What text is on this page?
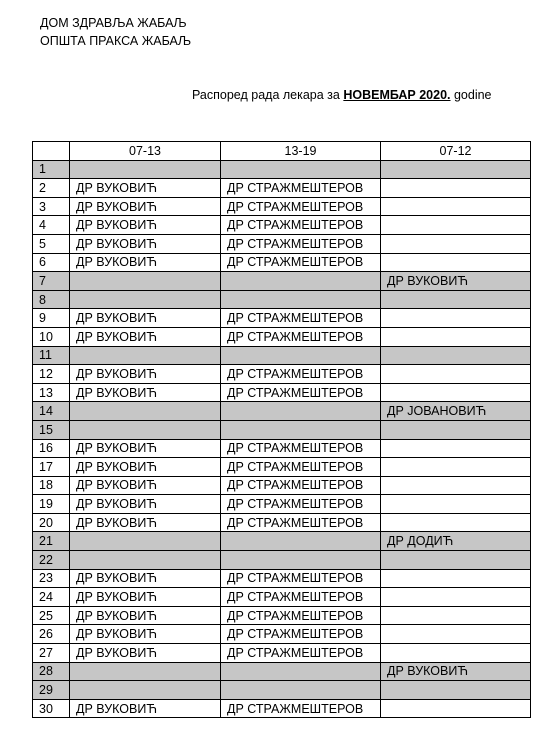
ДОМ ЗДРАВЉА ЖАБАЉ
ОПШТА ПРАКСА ЖАБАЉ
Распоред рада лекара за НОВЕМБАР 2020. godine
	07-13	13-19	07-12
1			
2	ДР ВУКОВИЋ	ДР СТРАЖМЕШТЕРОВ	
3	ДР ВУКОВИЋ	ДР СТРАЖМЕШТЕРОВ	
4	ДР ВУКОВИЋ	ДР СТРАЖМЕШТЕРОВ	
5	ДР ВУКОВИЋ	ДР СТРАЖМЕШТЕРОВ	
6	ДР ВУКОВИЋ	ДР СТРАЖМЕШТЕРОВ	
7			ДР ВУКОВИЋ
8			
9	ДР ВУКОВИЋ	ДР СТРАЖМЕШТЕРОВ	
10	ДР ВУКОВИЋ	ДР СТРАЖМЕШТЕРОВ	
11			
12	ДР ВУКОВИЋ	ДР СТРАЖМЕШТЕРОВ	
13	ДР ВУКОВИЋ	ДР СТРАЖМЕШТЕРОВ	
14			ДР ЈОВАНОВИЋ
15			
16	ДР ВУКОВИЋ	ДР СТРАЖМЕШТЕРОВ	
17	ДР ВУКОВИЋ	ДР СТРАЖМЕШТЕРОВ	
18	ДР ВУКОВИЋ	ДР СТРАЖМЕШТЕРОВ	
19	ДР ВУКОВИЋ	ДР СТРАЖМЕШТЕРОВ	
20	ДР ВУКОВИЋ	ДР СТРАЖМЕШТЕРОВ	
21			ДР ДОДИЋ
22			
23	ДР ВУКОВИЋ	ДР СТРАЖМЕШТЕРОВ	
24	ДР ВУКОВИЋ	ДР СТРАЖМЕШТЕРОВ	
25	ДР ВУКОВИЋ	ДР СТРАЖМЕШТЕРОВ	
26	ДР ВУКОВИЋ	ДР СТРАЖМЕШТЕРОВ	
27	ДР ВУКОВИЋ	ДР СТРАЖМЕШТЕРОВ	
28			ДР ВУКОВИЋ
29			
30	ДР ВУКОВИЋ	ДР СТРАЖМЕШТЕРОВ	
